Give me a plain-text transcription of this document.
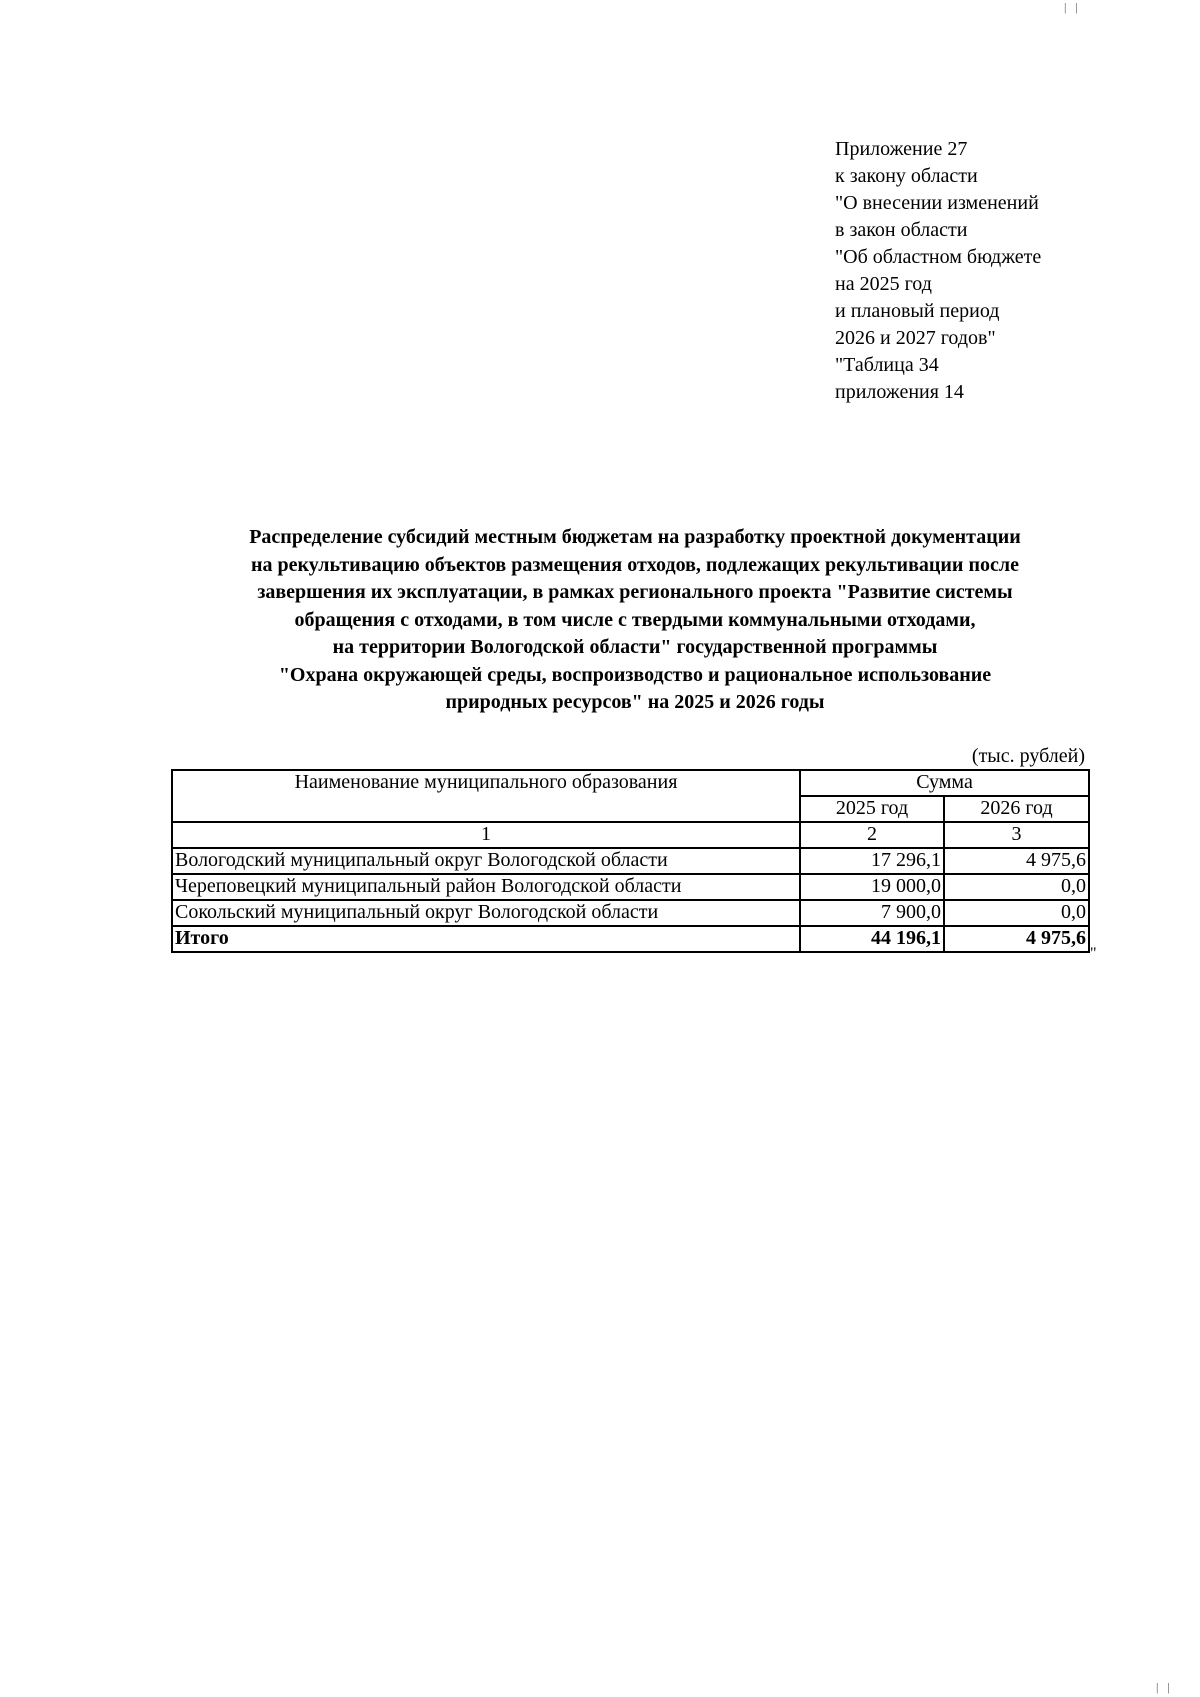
Приложение 27
к закону области
"О внесении изменений
в закон области
"Об областном бюджете
на 2025 год
и плановый период
2026 и 2027 годов"
"Таблица 34
приложения 14
Распределение субсидий местным бюджетам на разработку проектной документации
на рекультивацию объектов размещения отходов, подлежащих рекультивации после
завершения их эксплуатации, в рамках регионального проекта "Развитие системы
обращения с отходами, в том числе с твердыми коммунальными отходами,
на территории Вологодской области" государственной программы
"Охрана окружающей среды, воспроизводство и рациональное использование
природных ресурсов" на 2025 и 2026 годы
(тыс. рублей)
Наименование муниципального образования	Сумма	
	2025 год	2026 год
1	2	3
Вологодский муниципальный округ Вологодской области	17 296,1	4 975,6
Череповецкий муниципальный район Вологодской области	19 000,0	0,0
Сокольский муниципальный округ Вологодской области	7 900,0	0,0
Итого	44 196,1	4 975,6
"
| |
| |
